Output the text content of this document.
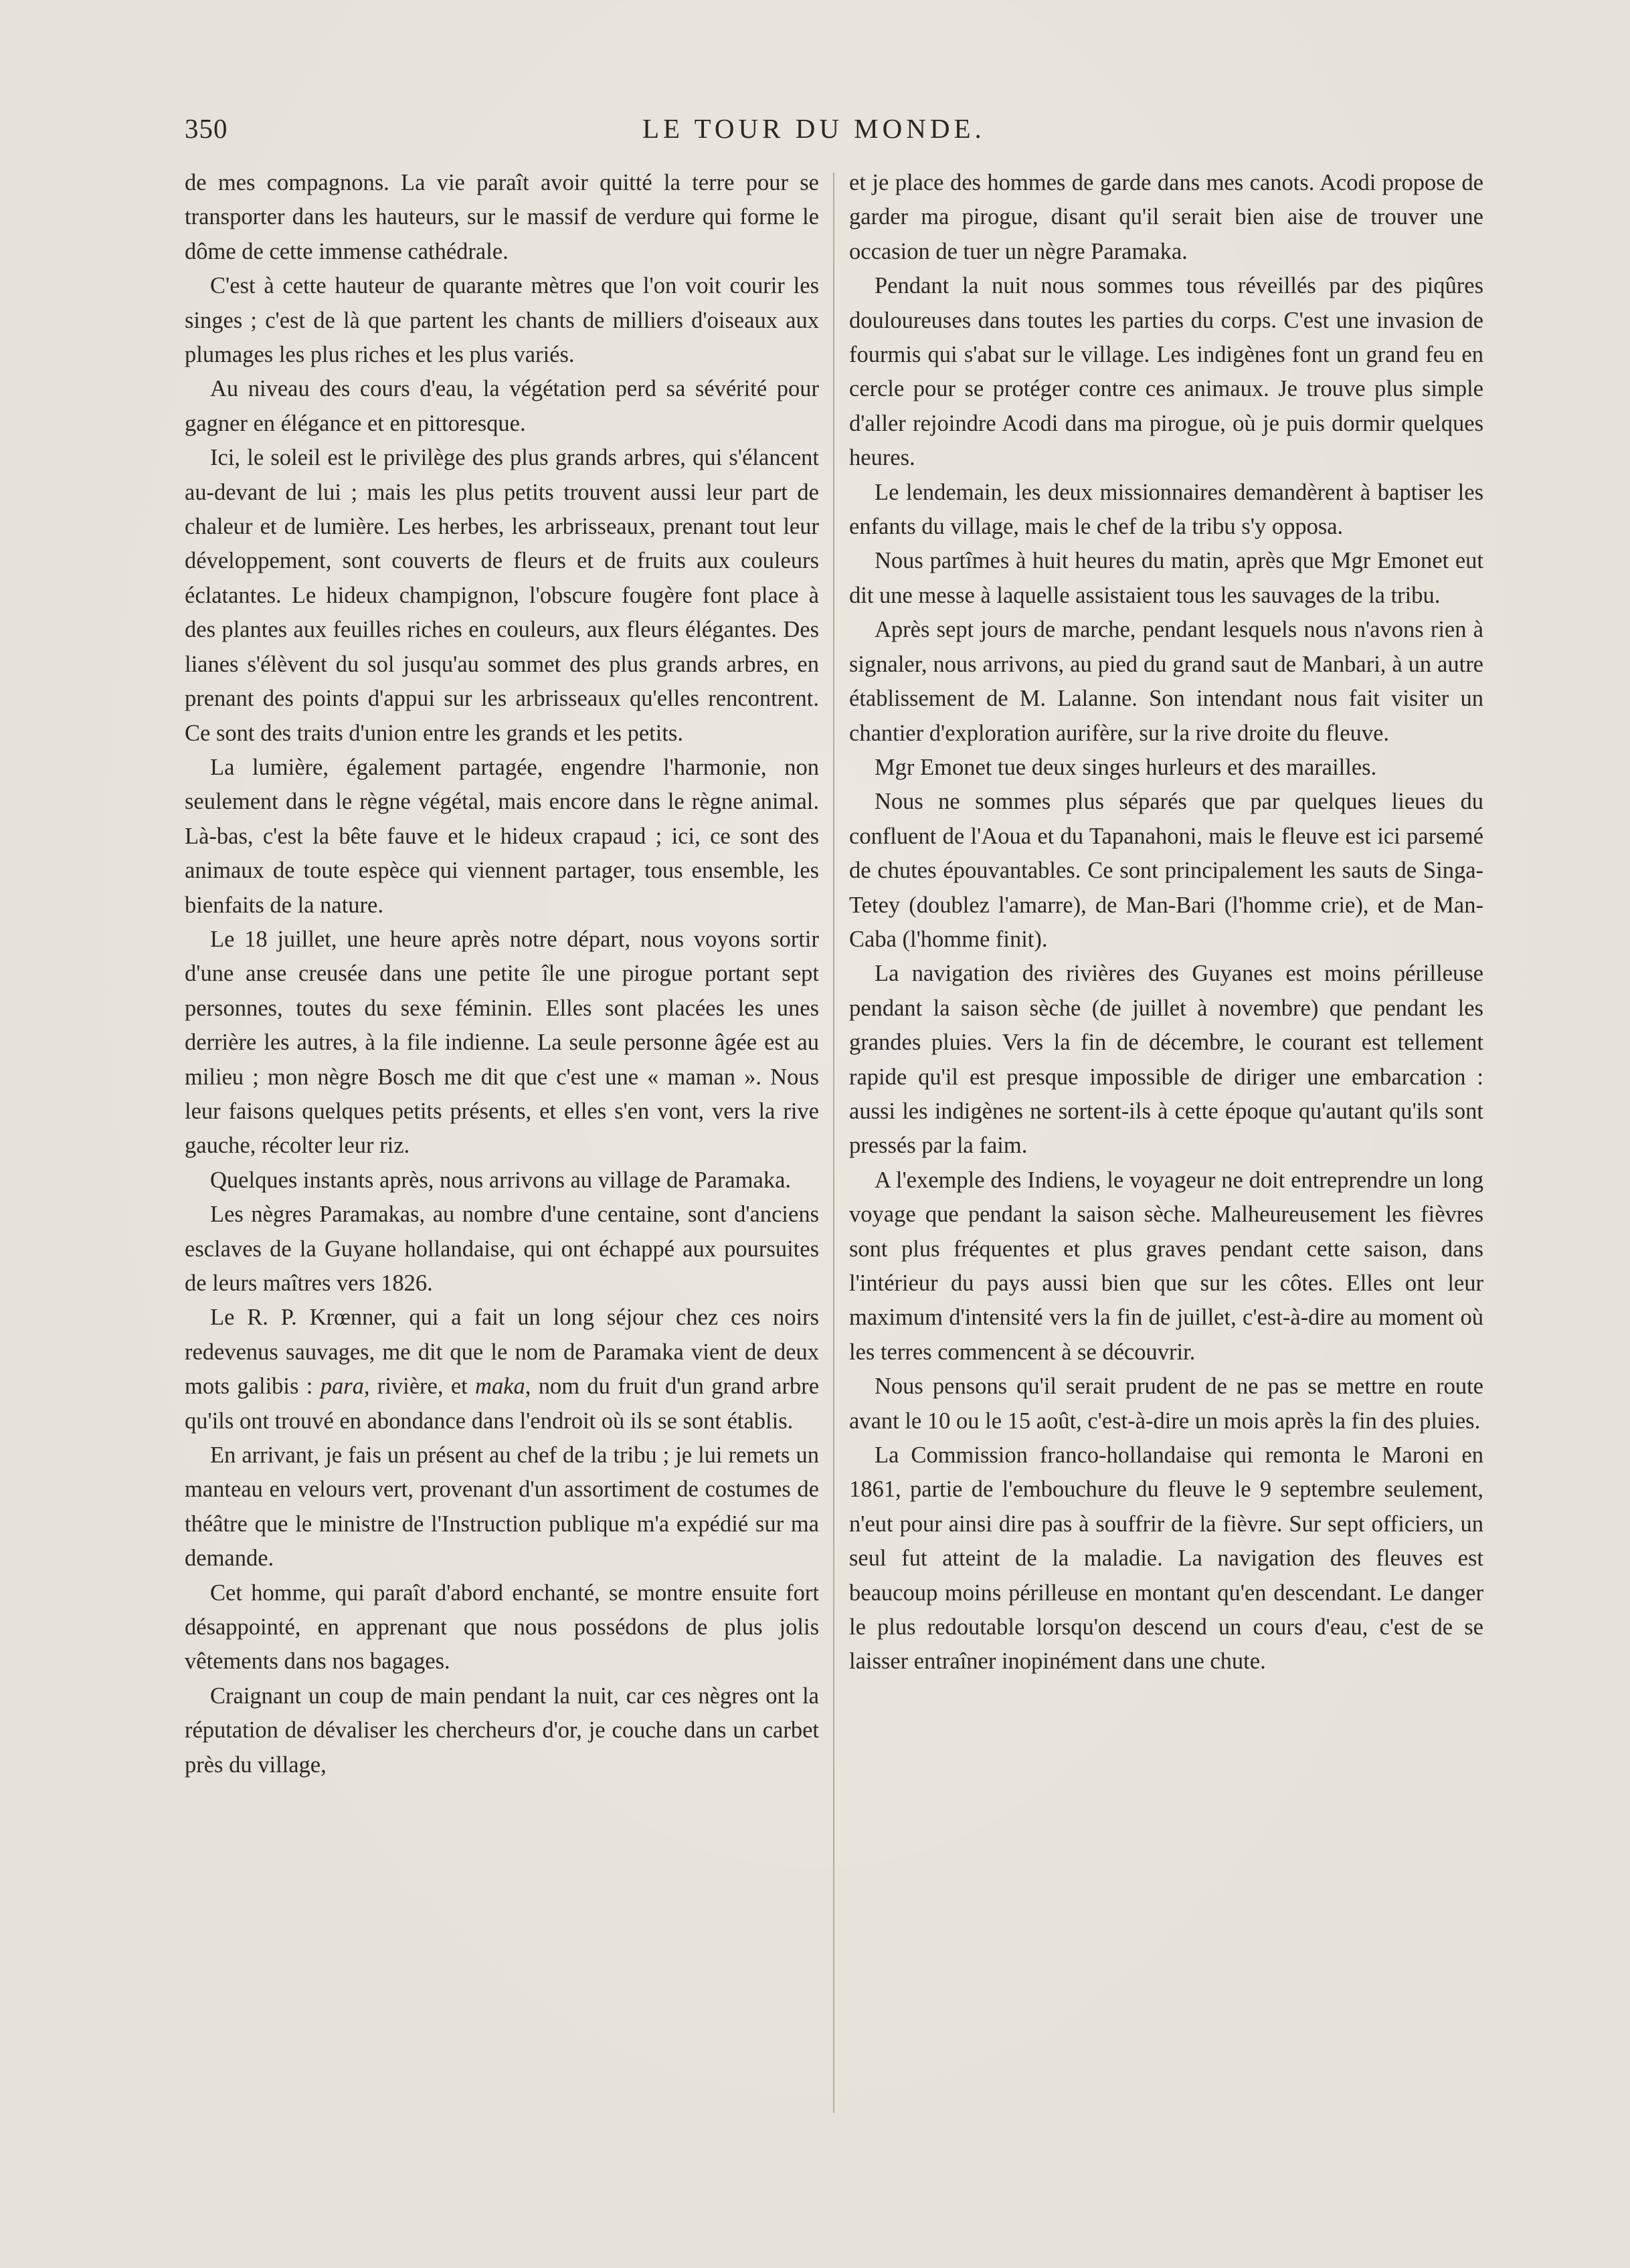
350	LE TOUR DU MONDE.

de mes compagnons. La vie paraît avoir quitté la terre pour se transporter dans les hauteurs, sur le massif de verdure qui forme le dôme de cette immense cathédrale.

C'est à cette hauteur de quarante mètres que l'on voit courir les singes ; c'est de là que partent les chants de milliers d'oiseaux aux plumages les plus riches et les plus variés.

Au niveau des cours d'eau, la végétation perd sa sévérité pour gagner en élégance et en pittoresque.

Ici, le soleil est le privilège des plus grands arbres, qui s'élancent au-devant de lui ; mais les plus petits trouvent aussi leur part de chaleur et de lumière. Les herbes, les arbrisseaux, prenant tout leur développement, sont couverts de fleurs et de fruits aux couleurs éclatantes. Le hideux champignon, l'obscure fougère font place à des plantes aux feuilles riches en couleurs, aux fleurs élégantes. Des lianes s'élèvent du sol jusqu'au sommet des plus grands arbres, en prenant des points d'appui sur les arbrisseaux qu'elles rencontrent. Ce sont des traits d'union entre les grands et les petits.

La lumière, également partagée, engendre l'harmonie, non seulement dans le règne végétal, mais encore dans le règne animal. Là-bas, c'est la bête fauve et le hideux crapaud ; ici, ce sont des animaux de toute espèce qui viennent partager, tous ensemble, les bienfaits de la nature.

Le 18 juillet, une heure après notre départ, nous voyons sortir d'une anse creusée dans une petite île une pirogue portant sept personnes, toutes du sexe féminin. Elles sont placées les unes derrière les autres, à la file indienne. La seule personne âgée est au milieu ; mon nègre Bosch me dit que c'est une « maman ». Nous leur faisons quelques petits présents, et elles s'en vont, vers la rive gauche, récolter leur riz.

Quelques instants après, nous arrivons au village de Paramaka.

Les nègres Paramakas, au nombre d'une centaine, sont d'anciens esclaves de la Guyane hollandaise, qui ont échappé aux poursuites de leurs maîtres vers 1826.

Le R. P. Krœnner, qui a fait un long séjour chez ces noirs redevenus sauvages, me dit que le nom de Paramaka vient de deux mots galibis : para, rivière, et maka, nom du fruit d'un grand arbre qu'ils ont trouvé en abondance dans l'endroit où ils se sont établis.

En arrivant, je fais un présent au chef de la tribu ; je lui remets un manteau en velours vert, provenant d'un assortiment de costumes de théâtre que le ministre de l'Instruction publique m'a expédié sur ma demande.

Cet homme, qui paraît d'abord enchanté, se montre ensuite fort désappointé, en apprenant que nous possédons de plus jolis vêtements dans nos bagages.

Craignant un coup de main pendant la nuit, car ces nègres ont la réputation de dévaliser les chercheurs d'or, je couche dans un carbet près du village,

et je place des hommes de garde dans mes canots. Acodi propose de garder ma pirogue, disant qu'il serait bien aise de trouver une occasion de tuer un nègre Paramaka.

Pendant la nuit nous sommes tous réveillés par des piqûres douloureuses dans toutes les parties du corps. C'est une invasion de fourmis qui s'abat sur le village. Les indigènes font un grand feu en cercle pour se protéger contre ces animaux. Je trouve plus simple d'aller rejoindre Acodi dans ma pirogue, où je puis dormir quelques heures.

Le lendemain, les deux missionnaires demandèrent à baptiser les enfants du village, mais le chef de la tribu s'y opposa.

Nous partîmes à huit heures du matin, après que Mgr Emonet eut dit une messe à laquelle assistaient tous les sauvages de la tribu.

Après sept jours de marche, pendant lesquels nous n'avons rien à signaler, nous arrivons, au pied du grand saut de Manbari, à un autre établissement de M. Lalanne. Son intendant nous fait visiter un chantier d'exploration aurifère, sur la rive droite du fleuve.

Mgr Emonet tue deux singes hurleurs et des marailles.

Nous ne sommes plus séparés que par quelques lieues du confluent de l'Aoua et du Tapanahoni, mais le fleuve est ici parsemé de chutes épouvantables. Ce sont principalement les sauts de Singa-Tetey (doublez l'amarre), de Man-Bari (l'homme crie), et de Man-Caba (l'homme finit).

La navigation des rivières des Guyanes est moins périlleuse pendant la saison sèche (de juillet à novembre) que pendant les grandes pluies. Vers la fin de décembre, le courant est tellement rapide qu'il est presque impossible de diriger une embarcation : aussi les indigènes ne sortent-ils à cette époque qu'autant qu'ils sont pressés par la faim.

A l'exemple des Indiens, le voyageur ne doit entreprendre un long voyage que pendant la saison sèche. Malheureusement les fièvres sont plus fréquentes et plus graves pendant cette saison, dans l'intérieur du pays aussi bien que sur les côtes. Elles ont leur maximum d'intensité vers la fin de juillet, c'est-à-dire au moment où les terres commencent à se découvrir.

Nous pensons qu'il serait prudent de ne pas se mettre en route avant le 10 ou le 15 août, c'est-à-dire un mois après la fin des pluies.

La Commission franco-hollandaise qui remonta le Maroni en 1861, partie de l'embouchure du fleuve le 9 septembre seulement, n'eut pour ainsi dire pas à souffrir de la fièvre. Sur sept officiers, un seul fut atteint de la maladie. La navigation des fleuves est beaucoup moins périlleuse en montant qu'en descendant. Le danger le plus redoutable lorsqu'on descend un cours d'eau, c'est de se laisser entraîner inopinément dans une chute.
